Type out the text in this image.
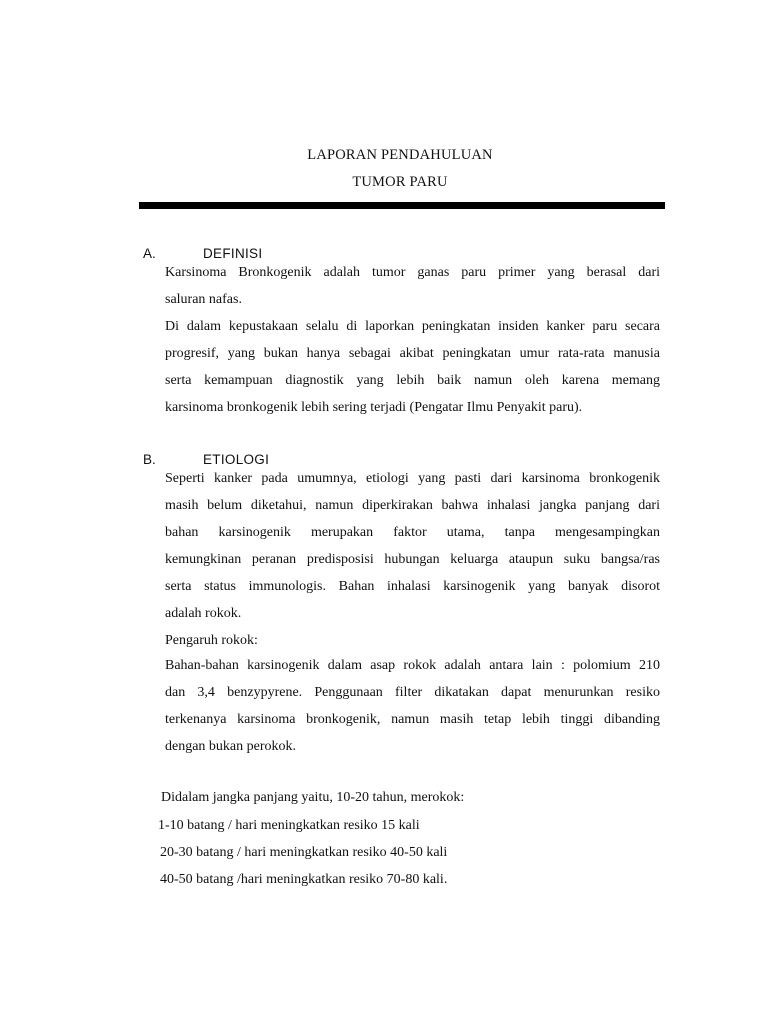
LAPORAN PENDAHULUAN
TUMOR PARU
A.	DEFINISI
Karsinoma Bronkogenik adalah tumor ganas paru primer yang berasal dari
saluran nafas.
Di dalam kepustakaan selalu di laporkan peningkatan insiden kanker paru secara
progresif, yang bukan hanya sebagai akibat peningkatan umur rata-rata manusia
serta kemampuan diagnostik yang lebih baik namun oleh karena memang
karsinoma bronkogenik lebih sering terjadi (Pengatar Ilmu Penyakit paru).
B.	ETIOLOGI
Seperti kanker pada umumnya, etiologi yang pasti dari karsinoma bronkogenik
masih belum diketahui, namun diperkirakan bahwa inhalasi jangka panjang dari
bahan karsinogenik merupakan faktor utama, tanpa mengesampingkan
kemungkinan peranan predisposisi hubungan keluarga ataupun suku bangsa/ras
serta status immunologis. Bahan inhalasi karsinogenik yang banyak disorot
adalah rokok.
Pengaruh rokok:
Bahan-bahan karsinogenik dalam asap rokok adalah antara lain : polomium 210
dan 3,4 benzypyrene. Penggunaan filter dikatakan dapat menurunkan resiko
terkenanya karsinoma bronkogenik, namun masih tetap lebih tinggi dibanding
dengan bukan perokok.
Didalam jangka panjang yaitu, 10-20 tahun, merokok:
1-10 batang / hari meningkatkan resiko 15 kali
20-30 batang / hari meningkatkan resiko 40-50 kali
40-50 batang /hari meningkatkan resiko 70-80 kali.
